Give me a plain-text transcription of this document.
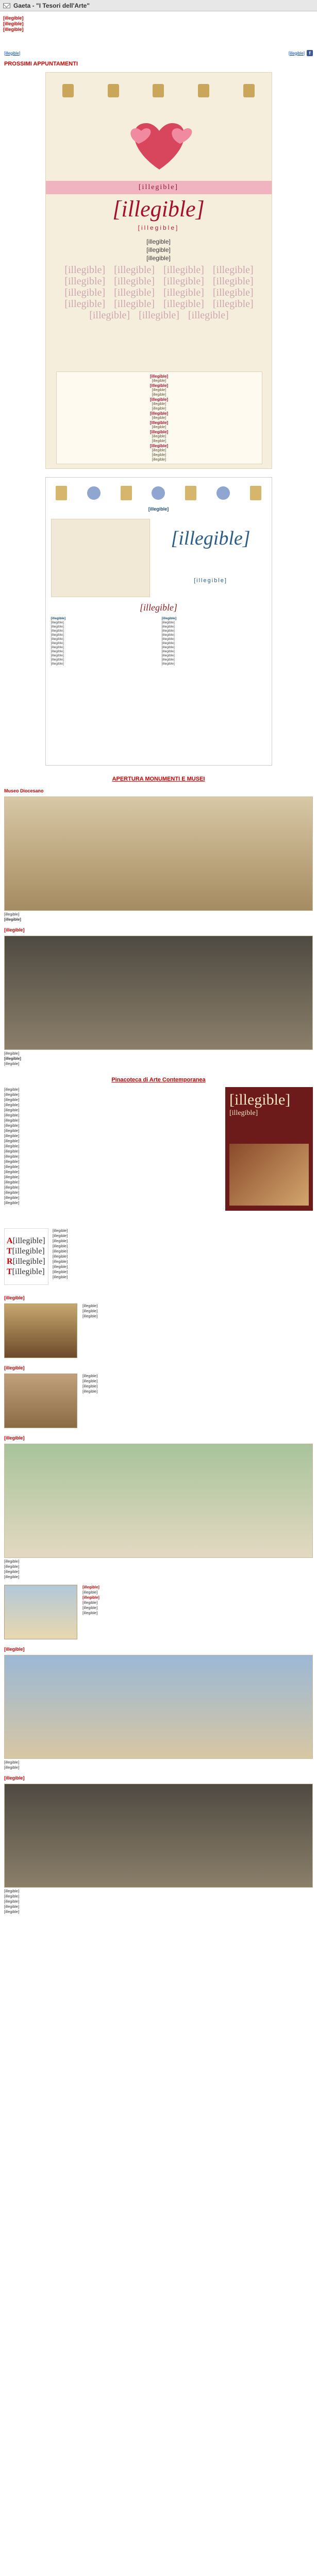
Gaeta - "I Tesori dell'Arte"
[illegible]
[illegible]
[illegible]
[illegible]	[illegible] f
PROSSIMI APPUNTAMENTI
[illegible]
[illegible]
[illegible]
[illegible]
[illegible]
[illegible]
[illegible] [illegible] [illegible] [illegible] [illegible] [illegible] [illegible] [illegible] [illegible] [illegible] [illegible] [illegible] [illegible] [illegible] [illegible] [illegible] [illegible] [illegible] [illegible]
[illegible]
[illegible]
[illegible]
[illegible]
[illegible]
[illegible]
[illegible]
[illegible]
[illegible]
[illegible]
[illegible]
[illegible]
[illegible]
[illegible]
[illegible]
[illegible]
[illegible]
[illegible]
[illegible]
[illegible]
[illegible]
[illegible]
[illegible]
[illegible]
[illegible]
[illegible]
[illegible]
[illegible]
[illegible]
[illegible]
[illegible]
[illegible]
[illegible]
[illegible]
[illegible]
[illegible]
[illegible]
[illegible]
[illegible]
[illegible]
[illegible]
[illegible]
[illegible]
[illegible]
[illegible]
[illegible]
[illegible]
APERTURA MONUMENTI E MUSEI
Museo Diocesano
[illegible]
[illegible]
[illegible]
[illegible]
[illegible]
[illegible]
Pinacoteca di Arte Contemporanea
[illegible]
[illegible]
[illegible]
[illegible]
[illegible]
[illegible]
[illegible]
[illegible]
[illegible]
[illegible]
[illegible]
[illegible]
[illegible]
[illegible]
[illegible]
[illegible]
[illegible]
[illegible]
[illegible]
[illegible]
[illegible]
[illegible]
[illegible]
[illegible]
[illegible]
A[illegible]
T[illegible]
R[illegible]
T[illegible]
[illegible]
[illegible]
[illegible]
[illegible]
[illegible]
[illegible]
[illegible]
[illegible]
[illegible]
[illegible]
[illegible]
[illegible]
[illegible]
[illegible]
[illegible]
[illegible]
[illegible]
[illegible]
[illegible]
[illegible]
[illegible]
[illegible]
[illegible]
[illegible]
[illegible]
[illegible]
[illegible]
[illegible]
[illegible]
[illegible]
[illegible]
[illegible]
[illegible]
[illegible]
[illegible]
[illegible]
[illegible]
[illegible]
[illegible]
